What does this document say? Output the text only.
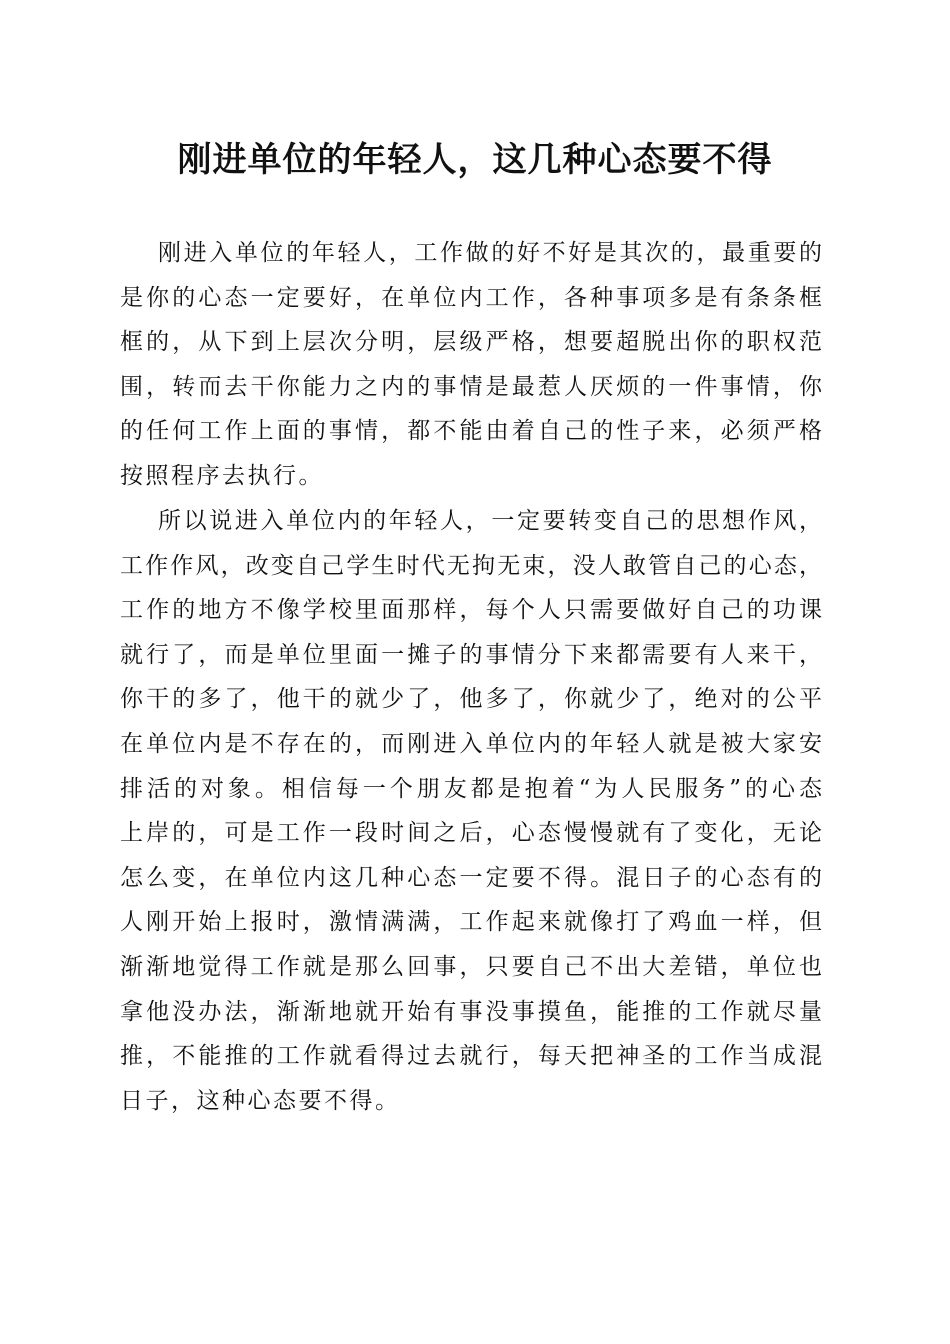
刚进单位的年轻人，这几种心态要不得
刚进入单位的年轻人，工作做的好不好是其次的，最重要的
是你的心态一定要好，在单位内工作，各种事项多是有条条框
框的，从下到上层次分明，层级严格，想要超脱出你的职权范
围，转而去干你能力之内的事情是最惹人厌烦的一件事情，你
的任何工作上面的事情，都不能由着自己的性子来，必须严格
按照程序去执行。
所以说进入单位内的年轻人，一定要转变自己的思想作风，
工作作风，改变自己学生时代无拘无束，没人敢管自己的心态，
工作的地方不像学校里面那样，每个人只需要做好自己的功课
就行了，而是单位里面一摊子的事情分下来都需要有人来干，
你干的多了，他干的就少了，他多了，你就少了，绝对的公平
在单位内是不存在的，而刚进入单位内的年轻人就是被大家安
排活的对象。相信每一个朋友都是抱着“为人民服务”的心态
上岸的，可是工作一段时间之后，心态慢慢就有了变化，无论
怎么变，在单位内这几种心态一定要不得。混日子的心态有的
人刚开始上报时，激情满满，工作起来就像打了鸡血一样，但
渐渐地觉得工作就是那么回事，只要自己不出大差错，单位也
拿他没办法，渐渐地就开始有事没事摸鱼，能推的工作就尽量
推，不能推的工作就看得过去就行，每天把神圣的工作当成混
日子，这种心态要不得。
